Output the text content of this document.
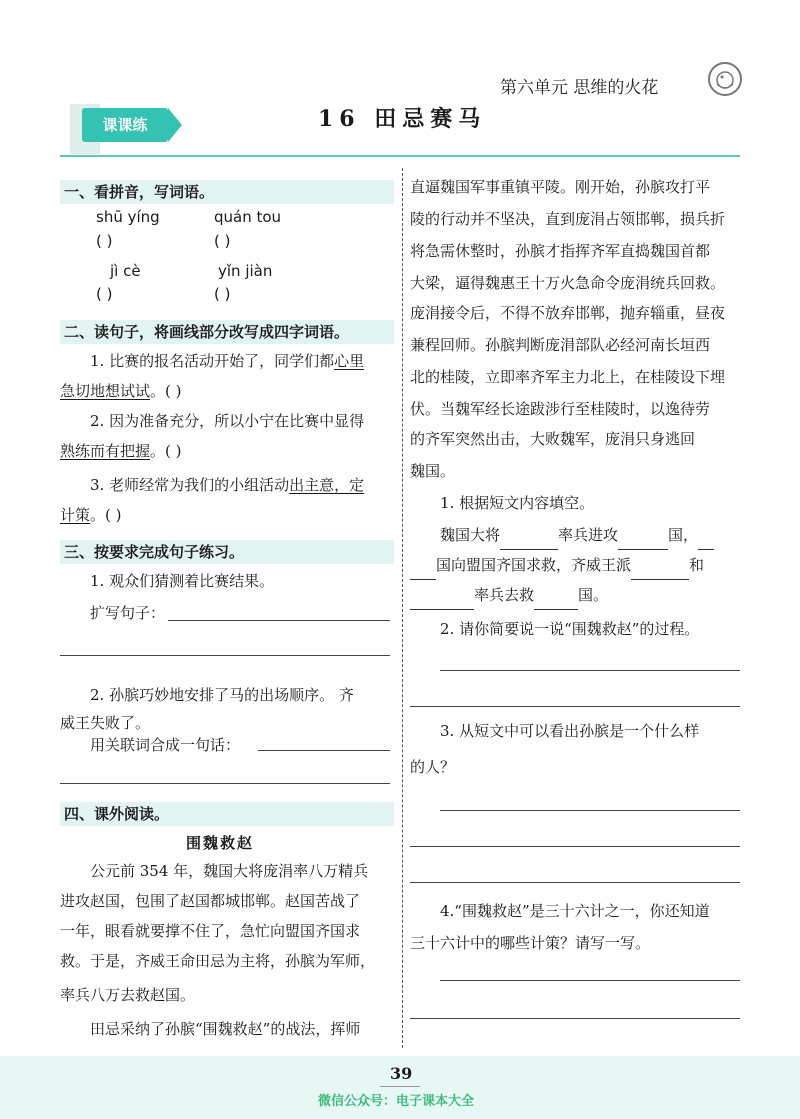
第六单元 思维的火花
课课练	16 田忌赛马
一、看拼音，写词语。
shū yíng
( )
quán tou
( )
jì cè
( )
yǐn jiàn
( )
二、读句子，将画线部分改写成四字词语。
1. 比赛的报名活动开始了，同学们都心里
急切地想试试。( )
2. 因为准备充分，所以小宁在比赛中显得
熟练而有把握。( )
3. 老师经常为我们的小组活动出主意，定
计策。( )
三、按要求完成句子练习。
1. 观众们猜测着比赛结果。
扩写句子：
2. 孙膑巧妙地安排了马的出场顺序。 齐
威王失败了。
用关联词合成一句话：
四、课外阅读。
围魏救赵
公元前 354 年，魏国大将庞涓率八万精兵
进攻赵国，包围了赵国都城邯郸。赵国苦战了
一年，眼看就要撑不住了，急忙向盟国齐国求
救。于是，齐威王命田忌为主将，孙膑为军师，
率兵八万去救赵国。
田忌采纳了孙膑“围魏救赵”的战法，挥师
直逼魏国军事重镇平陵。刚开始，孙膑攻打平
陵的行动并不坚决，直到庞涓占领邯郸，损兵折
将急需休整时，孙膑才指挥齐军直捣魏国首都
大梁，逼得魏惠王十万火急命令庞涓统兵回救。
庞涓接令后，不得不放弃邯郸，抛弃辎重，昼夜
兼程回师。孙膑判断庞涓部队必经河南长垣西
北的桂陵，立即率齐军主力北上，在桂陵设下埋
伏。当魏军经长途跋涉行至桂陵时，以逸待劳
的齐军突然出击，大败魏军，庞涓只身逃回
魏国。
1. 根据短文内容填空。
魏国大将	率兵进攻	国，
国向盟国齐国求救，齐威王派	和
率兵去救	国。
2. 请你简要说一说“围魏救赵”的过程。
3. 从短文中可以看出孙膑是一个什么样
的人？
4.“围魏救赵”是三十六计之一，你还知道
三十六计中的哪些计策？请写一写。
39
微信公众号：电子课本大全
